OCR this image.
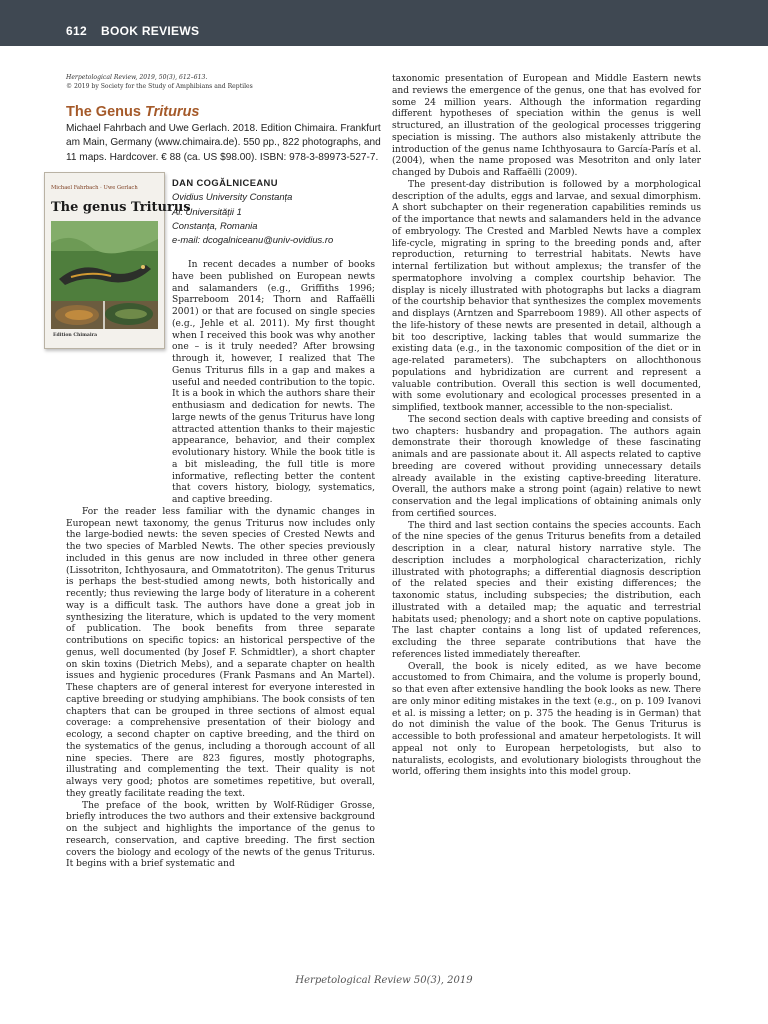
612 BOOK REVIEWS
Herpetological Review, 2019, 50(3), 612–613.
© 2019 by Society for the Study of Amphibians and Reptiles
The Genus Triturus
Michael Fahrbach and Uwe Gerlach. 2018. Edition Chimaira. Frankfurt am Main, Germany (www.chimaira.de). 550 pp., 822 photographs, and 11 maps. Hardcover. € 88 (ca. US $98.00). ISBN: 978-3-89973-527-7.
Michael Fahrbach · Uwe Gerlach
The genus Triturus
Edition Chimaira
DAN COGĂLNICEANU
Ovidius University Constanța
Al. Universității 1
Constanța, Romania
e-mail: dcogalniceanu@univ-ovidius.ro

In recent decades a number of books have been published on European newts and salamanders (e.g., Griffiths 1996; Sparreboom 2014; Thorn and Raffaëlli 2001) or that are focused on single species (e.g., Jehle et al. 2011). My first thought when I received this book was why another one – is it truly needed? After browsing through it, however, I realized that The Genus Triturus fills in a gap and makes a useful and needed contribution to the topic. It is a book in which the authors share their enthusiasm and dedication for newts. The large newts of the genus Triturus have long attracted attention thanks to their majestic appearance, behavior, and their complex evolutionary history. While the book title is a bit misleading, the full title is more informative, reflecting better the content that covers history, biology, systematics, and captive breeding.

For the reader less familiar with the dynamic changes in European newt taxonomy, the genus Triturus now includes only the large-bodied newts: the seven species of Crested Newts and the two species of Marbled Newts. The other species previously included in this genus are now included in three other genera (Lissotriton, Ichthyosaura, and Ommatotriton). The genus Triturus is perhaps the best-studied among newts, both historically and recently; thus reviewing the large body of literature in a coherent way is a difficult task. The authors have done a great job in synthesizing the literature, which is updated to the very moment of publication. The book benefits from three separate contributions on specific topics: an historical perspective of the genus, well documented (by Josef F. Schmidtler), a short chapter on skin toxins (Dietrich Mebs), and a separate chapter on health issues and hygienic procedures (Frank Pasmans and An Martel). These chapters are of general interest for everyone interested in captive breeding or studying amphibians. The book consists of ten chapters that can be grouped in three sections of almost equal coverage: a comprehensive presentation of their biology and ecology, a second chapter on captive breeding, and the third on the systematics of the genus, including a thorough account of all nine species. There are 823 figures, mostly photographs, illustrating and complementing the text. Their quality is not always very good; photos are sometimes repetitive, but overall, they greatly facilitate reading the text.

The preface of the book, written by Wolf-Rüdiger Grosse, briefly introduces the two authors and their extensive background on the subject and highlights the importance of the genus to research, conservation, and captive breeding. The first section covers the biology and ecology of the newts of the genus Triturus. It begins with a brief systematic and

taxonomic presentation of European and Middle Eastern newts and reviews the emergence of the genus, one that has evolved for some 24 million years. Although the information regarding different hypotheses of speciation within the genus is well structured, an illustration of the geological processes triggering speciation is missing. The authors also mistakenly attribute the introduction of the genus name Ichthyosaura to García-París et al. (2004), when the name proposed was Mesotriton and only later changed by Dubois and Raffaëlli (2009).

The present-day distribution is followed by a morphological description of the adults, eggs and larvae, and sexual dimorphism. A short subchapter on their regeneration capabilities reminds us of the importance that newts and salamanders held in the advance of embryology. The Crested and Marbled Newts have a complex life-cycle, migrating in spring to the breeding ponds and, after reproduction, returning to terrestrial habitats. Newts have internal fertilization but without amplexus; the transfer of the spermatophore involving a complex courtship behavior. The display is nicely illustrated with photographs but lacks a diagram of the courtship behavior that synthesizes the complex movements and displays (Arntzen and Sparreboom 1989). All other aspects of the life-history of these newts are presented in detail, although a bit too descriptive, lacking tables that would summarize the existing data (e.g., in the taxonomic composition of the diet or in age-related parameters). The subchapters on allochthonous populations and hybridization are current and represent a valuable contribution. Overall this section is well documented, with some evolutionary and ecological processes presented in a simplified, textbook manner, accessible to the non-specialist.

The second section deals with captive breeding and consists of two chapters: husbandry and propagation. The authors again demonstrate their thorough knowledge of these fascinating animals and are passionate about it. All aspects related to captive breeding are covered without providing unnecessary details already available in the existing captive-breeding literature. Overall, the authors make a strong point (again) relative to newt conservation and the legal implications of obtaining animals only from certified sources.

The third and last section contains the species accounts. Each of the nine species of the genus Triturus benefits from a detailed description in a clear, natural history narrative style. The description includes a morphological characterization, richly illustrated with photographs; a differential diagnosis description of the related species and their existing differences; the taxonomic status, including subspecies; the distribution, each illustrated with a detailed map; the aquatic and terrestrial habitats used; phenology; and a short note on captive populations. The last chapter contains a long list of updated references, excluding the three separate contributions that have the references listed immediately thereafter.

Overall, the book is nicely edited, as we have become accustomed to from Chimaira, and the volume is properly bound, so that even after extensive handling the book looks as new. There are only minor editing mistakes in the text (e.g., on p. 109 Ivanovi et al. is missing a letter; on p. 375 the heading is in German) that do not diminish the value of the book. The Genus Triturus is accessible to both professional and amateur herpetologists. It will appeal not only to European herpetologists, but also to naturalists, ecologists, and evolutionary biologists throughout the world, offering them insights into this model group.

Herpetological Review 50(3), 2019
